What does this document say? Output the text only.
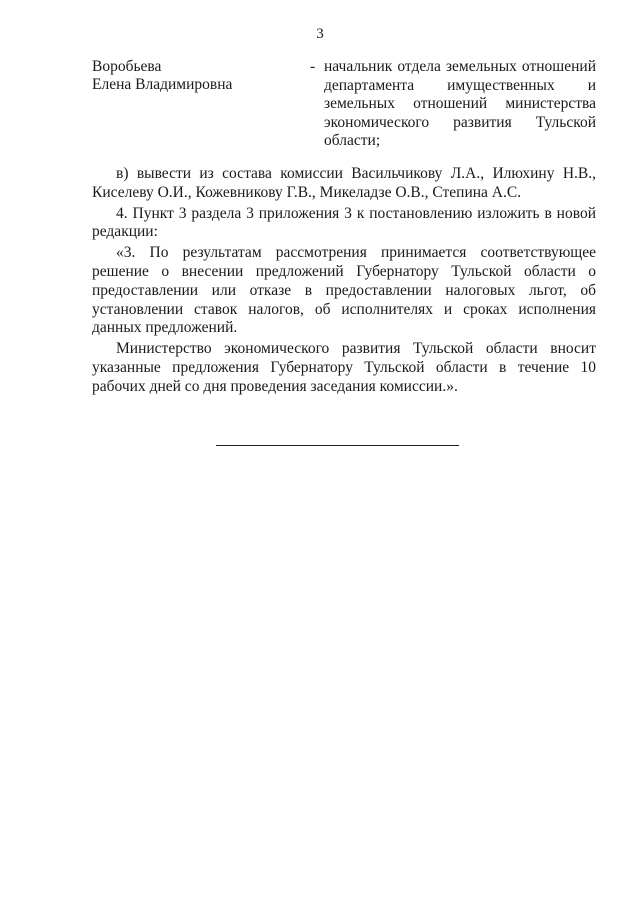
3
Воробьева
Елена Владимировна
- начальник отдела земельных отношений департамента имущественных и земельных отношений министерства экономического развития Тульской области;

в) вывести из состава комиссии Васильчикову Л.А., Илюхину Н.В., Киселеву О.И., Кожевникову Г.В., Микеладзе О.В., Степина А.С.

4. Пункт 3 раздела 3 приложения 3 к постановлению изложить в новой редакции:

«3. По результатам рассмотрения принимается соответствующее решение о внесении предложений Губернатору Тульской области о предоставлении или отказе в предоставлении налоговых льгот, об установлении ставок налогов, об исполнителях и сроках исполнения данных предложений.

Министерство экономического развития Тульской области вносит указанные предложения Губернатору Тульской области в течение 10 рабочих дней со дня проведения заседания комиссии.».
